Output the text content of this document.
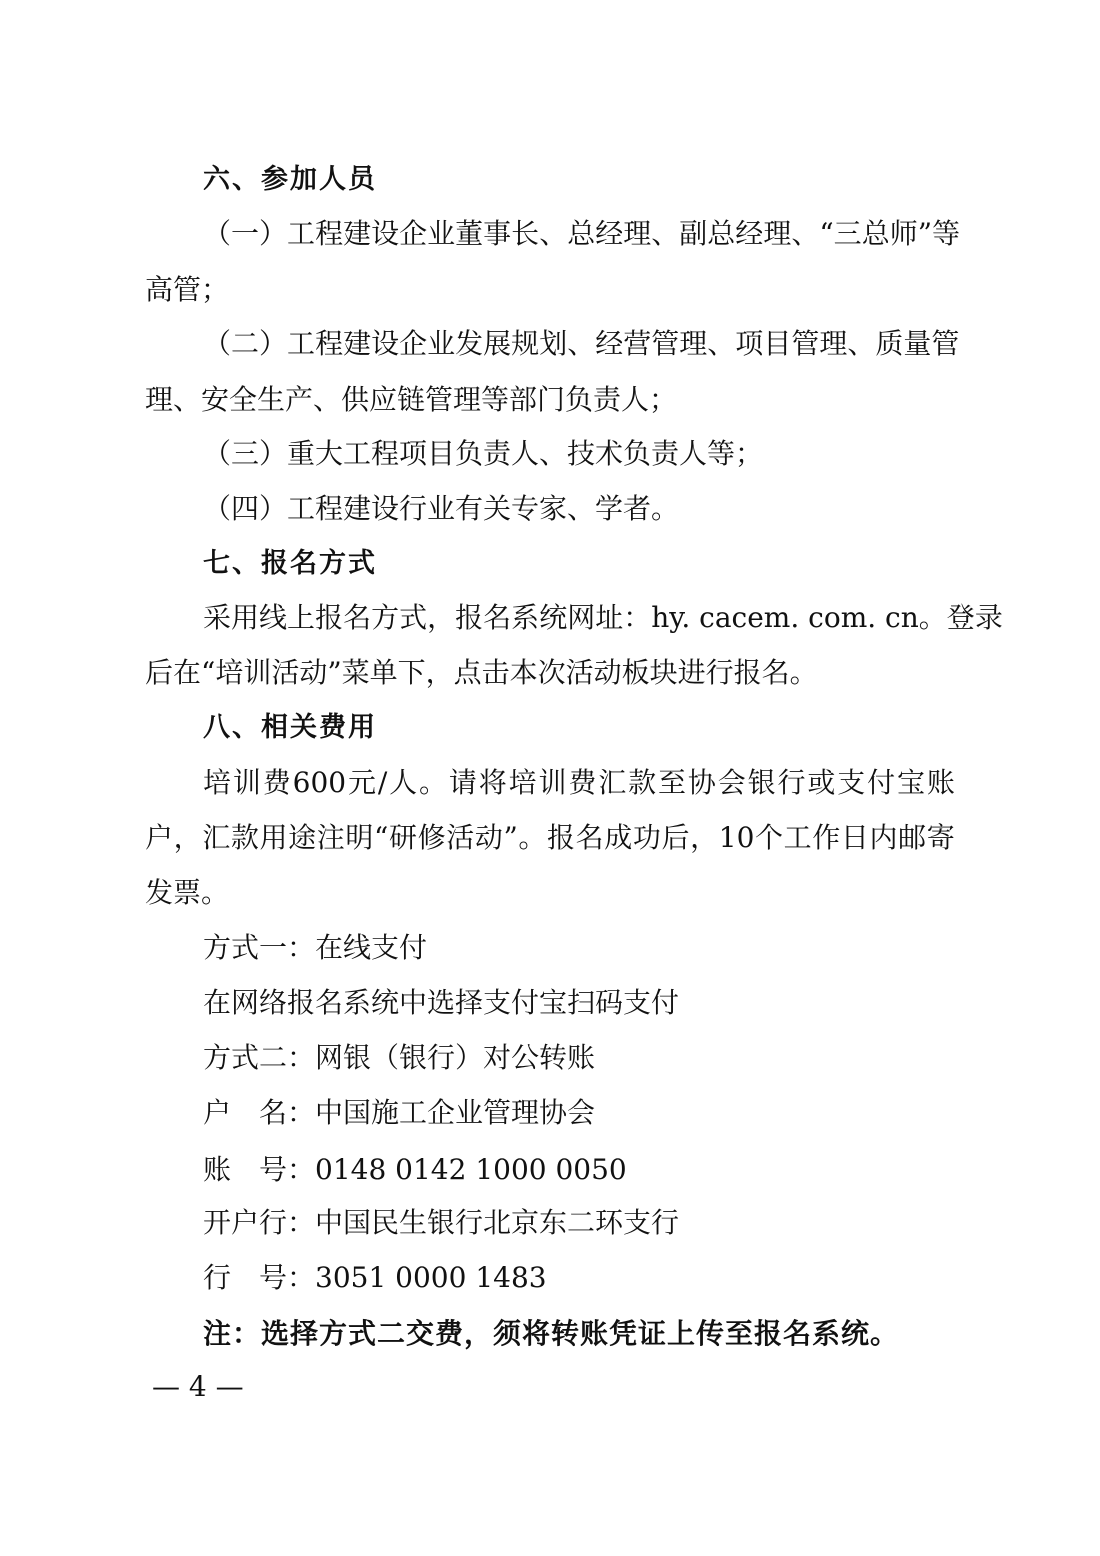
六、参加人员
（ 一 ） 工 程 建 设 企 业 董 事 长 、 总 经 理 、 副 总 经 理 、 “ 三 总 师 ” 等
高管；
（ 二 ） 工 程 建 设 企 业 发 展 规 划 、 经 营 管 理 、 项 目 管 理 、 质 量 管
理、安全生产、供应链管理等部门负责人；
（三）重大工程项目负责人、技术负责人等；
（四）工程建设行业有关专家、学者。
七、报名方式
采 用 线 上 报 名 方 式 ， 报 名 系 统 网 址 ： hy. cacem. com. cn 。 登 录
后在“培训活动”菜单下，点击本次活动板块进行报名。
八、相关费用
培 训 费 600 元 / 人 。 请 将 培 训 费 汇 款 至 协 会 银 行 或 支 付 宝 账
户 ， 汇 款 用 途 注 明 “ 研 修 活 动 ” 。 报 名 成 功 后 ， 10 个 工 作 日 内 邮 寄
发票。
方式一：在线支付
在网络报名系统中选择支付宝扫码支付
方式二：网银（银行）对公转账
户　名：中国施工企业管理协会
账　号：0148 0142 1000 0050
开户行：中国民生银行北京东二环支行
行　号：3051 0000 1483
注：选择方式二交费，须将转账凭证上传至报名系统。
— 4 —
